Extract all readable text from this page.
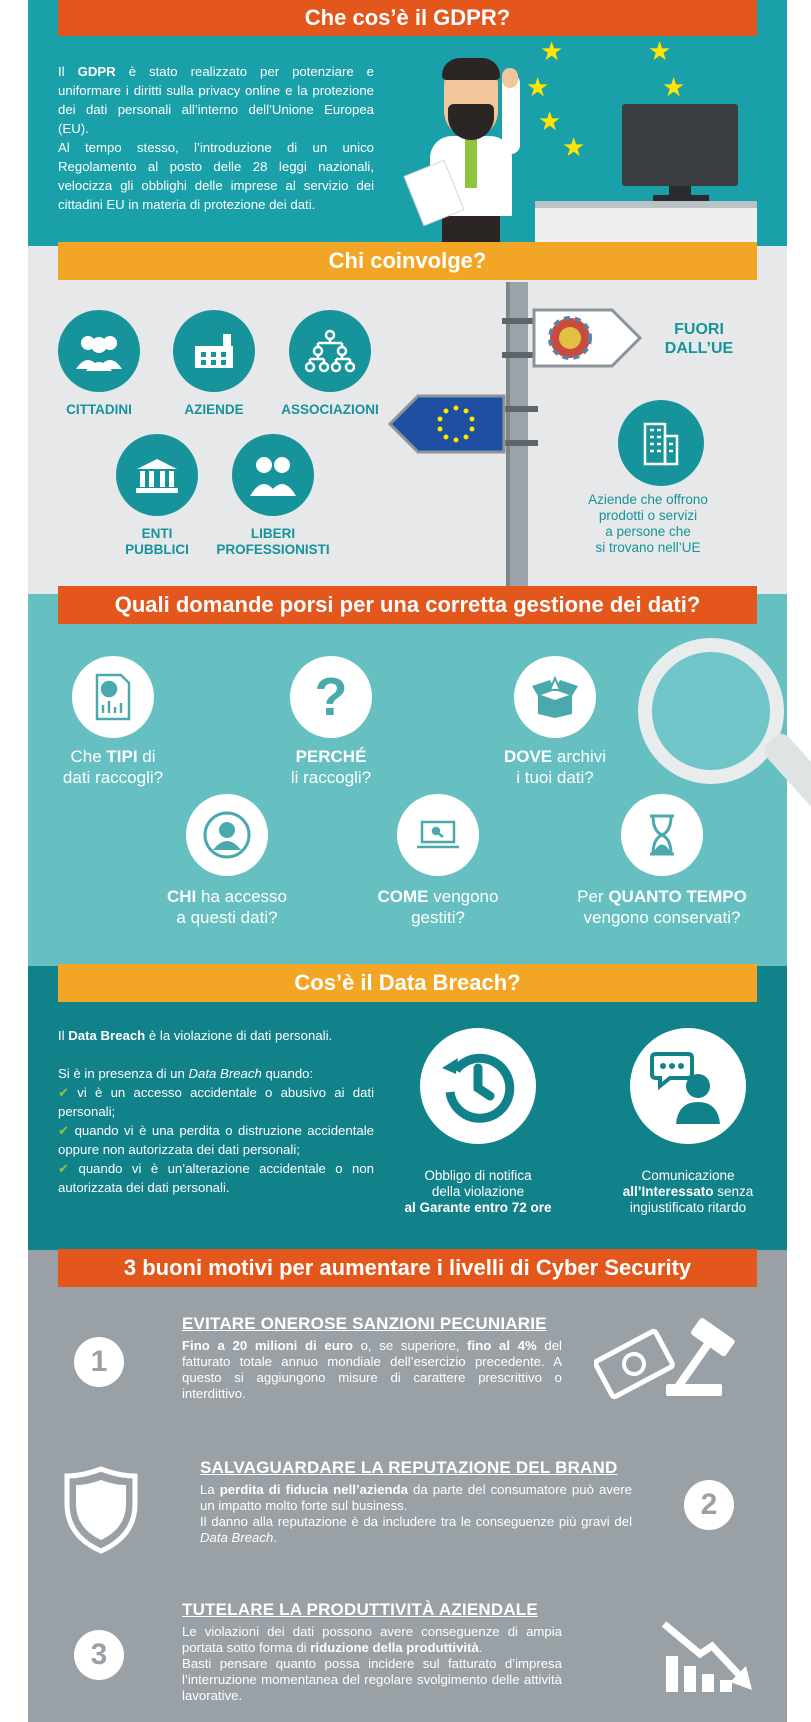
Che cos’è il GDPR?

Il GDPR è stato realizzato per potenziare e uniformare i diritti sulla privacy online e la protezione dei dati personali all’interno dell’Unione Europea (EU).

Al tempo stesso, l’introduzione di un unico Regolamento al posto delle 28 leggi nazionali, velocizza gli obblighi delle imprese al servizio dei cittadini EU in materia di protezione dei dati.

★	★
★	★
★
★
Chi coinvolge?
CITTADINI	AZIENDE	ASSOCIAZIONI
ENTI
PUBBLICI
LIBERI
PROFESSIONISTI
FUORI
DALL’UE
Aziende che offrono
prodotti o servizi
a persone che
si trovano nell’UE
Quali domande porsi per una corretta gestione dei dati?
Che TIPI di
dati raccogli?
?
PERCHÉ
li raccogli?
DOVE archivi
i tuoi dati?
CHI ha accesso
a questi dati?
COME vengono
gestiti?
Per QUANTO TEMPO
vengono conservati?
Cos’è il Data Breach?
Il Data Breach è la violazione di dati personali.
Si è in presenza di un Data Breach quando:
✔ vi è un accesso accidentale o abusivo ai dati personali;
✔ quando vi è una perdita o distruzione accidentale oppure non autorizzata dei dati personali;
✔ quando vi è un’alterazione accidentale o non autorizzata dei dati personali.
Obbligo di notifica
della violazione
al Garante entro 72 ore
Comunicazione
all’Interessato senza
ingiustificato ritardo
3 buoni motivi per aumentare i livelli di Cyber Security
1
EVITARE ONEROSE SANZIONI PECUNIARIE
Fino a 20 milioni di euro o, se superiore, fino al 4% del fatturato totale annuo mondiale dell’esercizio precedente. A questo si aggiungono misure di carattere prescrittivo o interdittivo.
SALVAGUARDARE LA REPUTAZIONE DEL BRAND
La perdita di fiducia nell’azienda da parte del consumatore può avere un impatto molto forte sul business.
Il danno alla reputazione è da includere tra le conseguenze più gravi del Data Breach.
2
3
TUTELARE LA PRODUTTIVITÀ AZIENDALE
Le violazioni dei dati possono avere conseguenze di ampia portata sotto forma di riduzione della produttività.
Basti pensare quanto possa incidere sul fatturato d’impresa l’interruzione momentanea del regolare svolgimento delle attività lavorative.
